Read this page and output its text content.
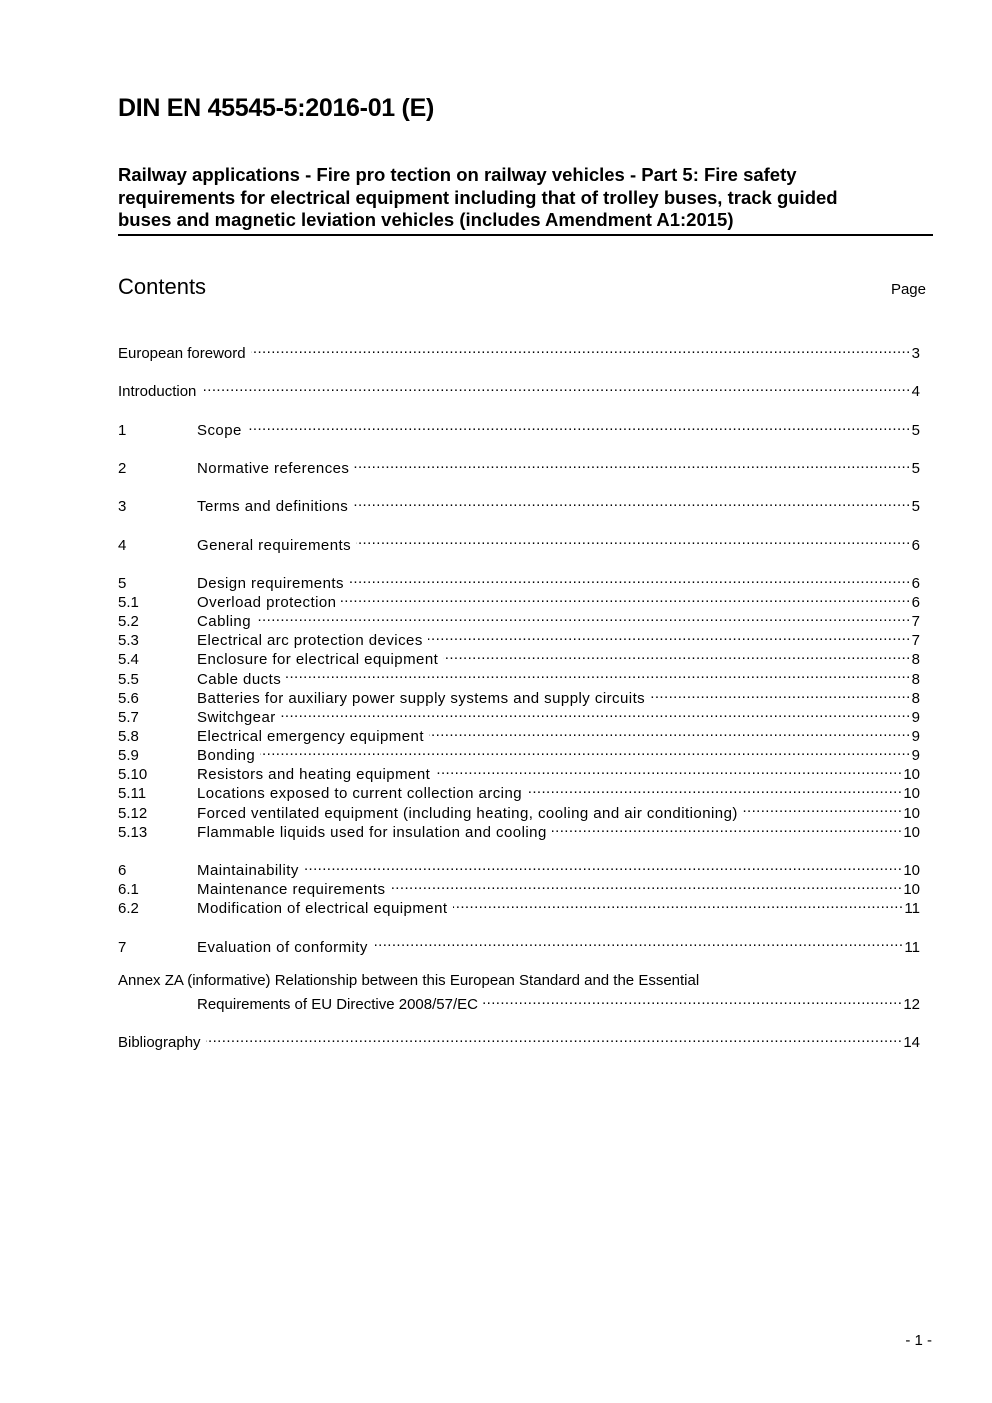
DIN EN 45545-5:2016-01 (E)
Railway applications - Fire pro tection on railway vehicles - Part 5: Fire safety
requirements for electrical equipment including that of trolley buses, track guided
buses and magnetic leviation vehicles (includes Amendment A1:2015)
Contents	Page
European foreword .....	3
Introduction .....	4
1	Scope .....	5
2	Normative references .....	5
3	Terms and definitions .....	5
4	General requirements .....	6
5	Design requirements .....	6
5.1	Overload protection .....	6
5.2	Cabling .....	7
5.3	Electrical arc protection devices .....	7
5.4	Enclosure for electrical equipment .....	8
5.5	Cable ducts .....	8
5.6	Batteries for auxiliary power supply systems and supply circuits .....	8
5.7	Switchgear .....	9
5.8	Electrical emergency equipment .....	9
5.9	Bonding .....	9
5.10	Resistors and heating equipment .....	10
5.11	Locations exposed to current collection arcing .....	10
5.12	Forced ventilated equipment (including heating, cooling and air conditioning) .....	10
5.13	Flammable liquids used for insulation and cooling .....	10
6	Maintainability .....	10
6.1	Maintenance requirements .....	10
6.2	Modification of electrical equipment .....	11
7	Evaluation of conformity .....	11
Annex ZA (informative) Relationship between this European Standard and the Essential
Requirements of EU Directive 2008/57/EC .....	12
Bibliography .....	14
- 1 -
